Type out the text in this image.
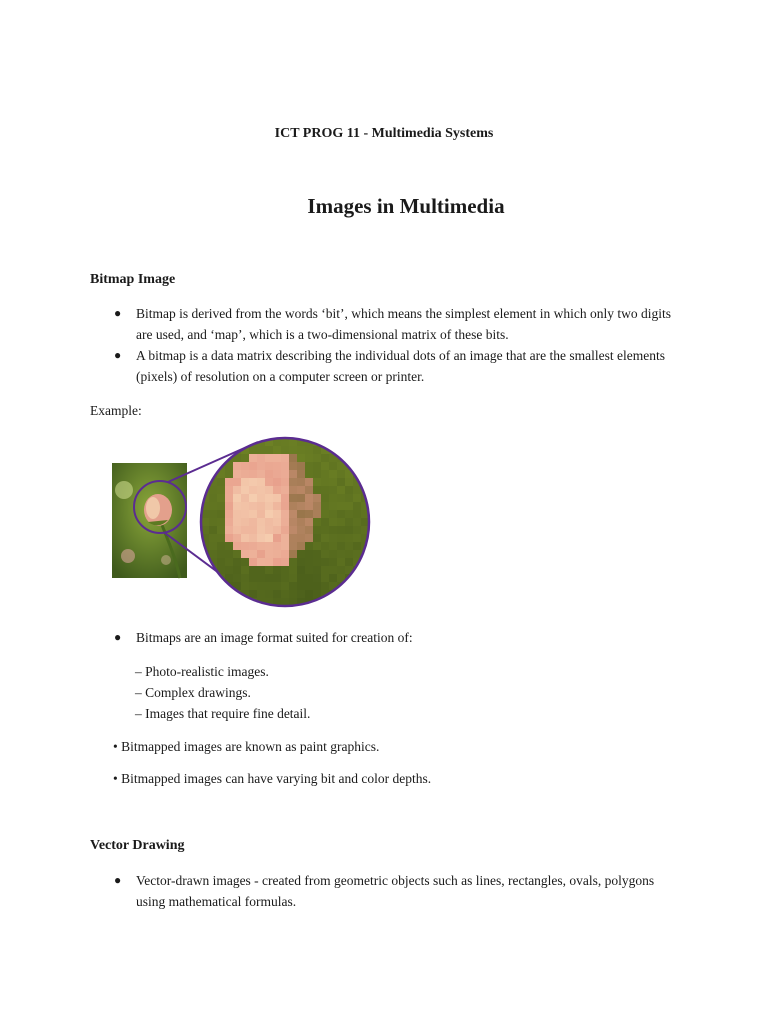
ICT PROG 11 - Multimedia Systems
Images in Multimedia
Bitmap Image
● Bitmap is derived from the words ‘bit’, which means the simplest element in which only two digits are used, and ‘map’, which is a two-dimensional matrix of these bits.
● A bitmap is a data matrix describing the individual dots of an image that are the smallest elements (pixels) of resolution on a computer screen or printer.

Example:

● Bitmaps are an image format suited for creation of:
– Photo-realistic images.
– Complex drawings.
– Images that require fine detail.

• Bitmapped images are known as paint graphics.

• Bitmapped images can have varying bit and color depths.

Vector Drawing
● Vector-drawn images - created from geometric objects such as lines, rectangles, ovals, polygons using mathematical formulas.
